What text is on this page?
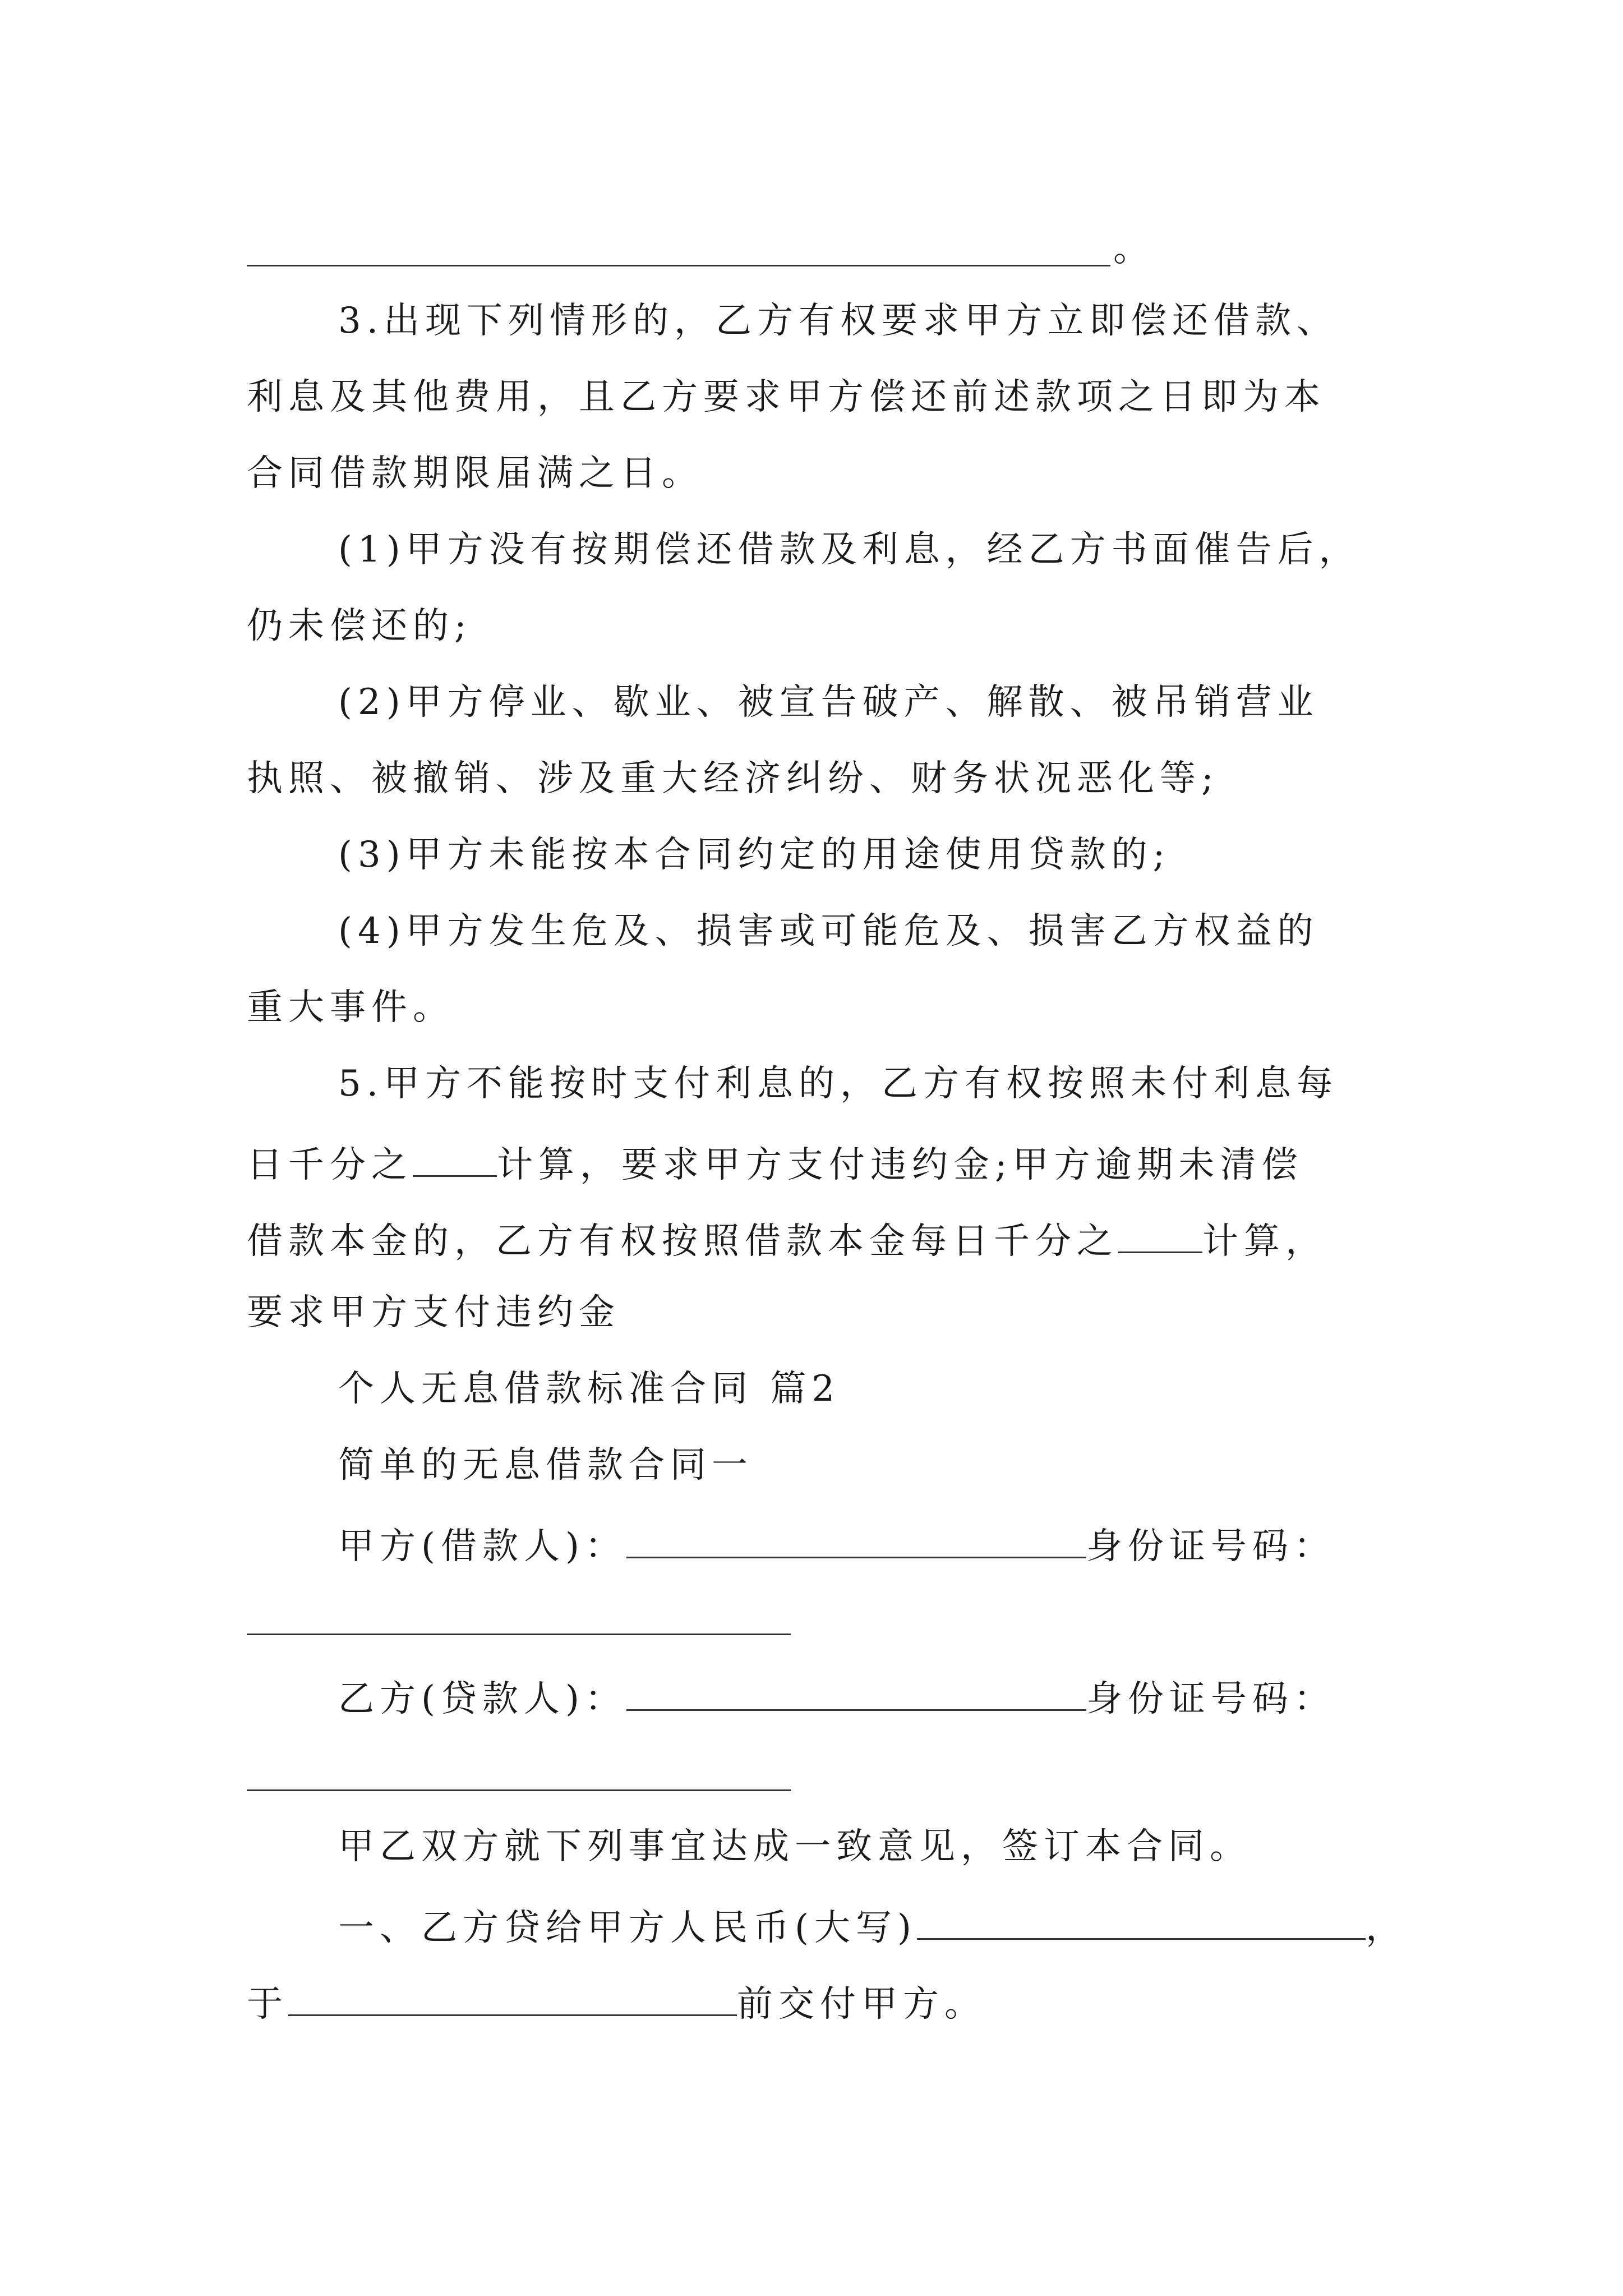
。
3.出现下列情形的，乙方有权要求甲方立即偿还借款、
利息及其他费用，且乙方要求甲方偿还前述款项之日即为本
合同借款期限届满之日。
(1)甲方没有按期偿还借款及利息，经乙方书面催告后，
仍未偿还的;
(2)甲方停业、歇业、被宣告破产、解散、被吊销营业
执照、被撤销、涉及重大经济纠纷、财务状况恶化等;
(3)甲方未能按本合同约定的用途使用贷款的;
(4)甲方发生危及、损害或可能危及、损害乙方权益的
重大事件。
5.甲方不能按时支付利息的，乙方有权按照未付利息每
日千分之 计算，要求甲方支付违约金;甲方逾期未清偿
借款本金的，乙方有权按照借款本金每日千分之 计算，
要求甲方支付违约金
个人无息借款标准合同 篇2
简单的无息借款合同一
甲方(借款人)：	身份证号码：
乙方(贷款人)：	身份证号码：
甲乙双方就下列事宜达成一致意见，签订本合同。
一、乙方贷给甲方人民币(大写)	，
于	前交付甲方。
